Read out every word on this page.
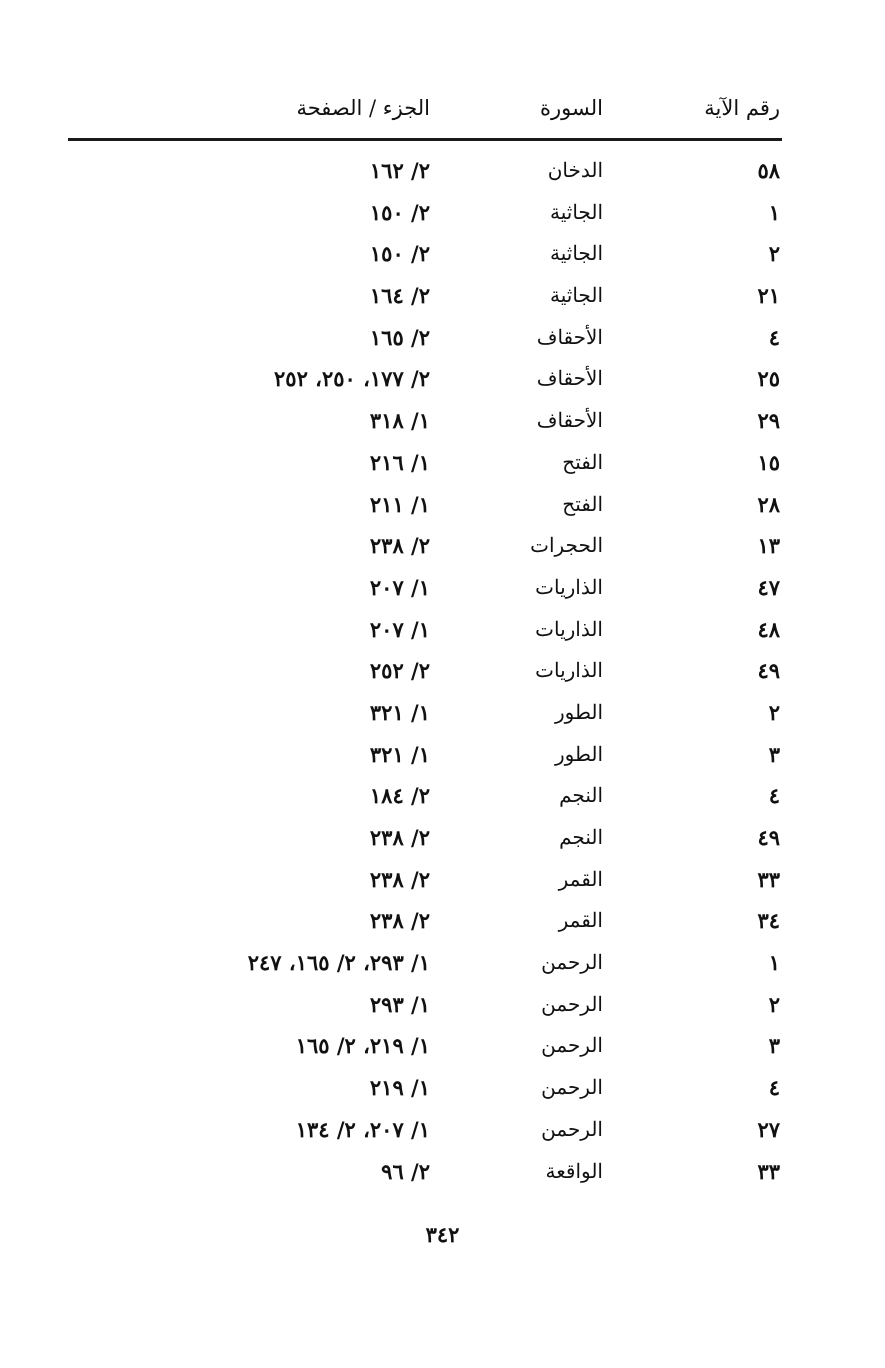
رقم الآية
السورة
الجزء / الصفحة
٥٨
الدخان
٢/ ١٦٢
١
الجاثية
٢/ ١٥٠
٢
الجاثية
٢/ ١٥٠
٢١
الجاثية
٢/ ١٦٤
٤
الأحقاف
٢/ ١٦٥
٢٥
الأحقاف
٢/ ١٧٧، ٢٥٠، ٢٥٢
٢٩
الأحقاف
١/ ٣١٨
١٥
الفتح
١/ ٢١٦
٢٨
الفتح
١/ ٢١١
١٣
الحجرات
٢/ ٢٣٨
٤٧
الذاريات
١/ ٢٠٧
٤٨
الذاريات
١/ ٢٠٧
٤٩
الذاريات
٢/ ٢٥٢
٢
الطور
١/ ٣٢١
٣
الطور
١/ ٣٢١
٤
النجم
٢/ ١٨٤
٤٩
النجم
٢/ ٢٣٨
٣٣
القمر
٢/ ٢٣٨
٣٤
القمر
٢/ ٢٣٨
١
الرحمن
١/ ٢٩٣، ٢/ ١٦٥، ٢٤٧
٢
الرحمن
١/ ٢٩٣
٣
الرحمن
١/ ٢١٩، ٢/ ١٦٥
٤
الرحمن
١/ ٢١٩
٢٧
الرحمن
١/ ٢٠٧، ٢/ ١٣٤
٣٣
الواقعة
٢/ ٩٦
٣٤٢
